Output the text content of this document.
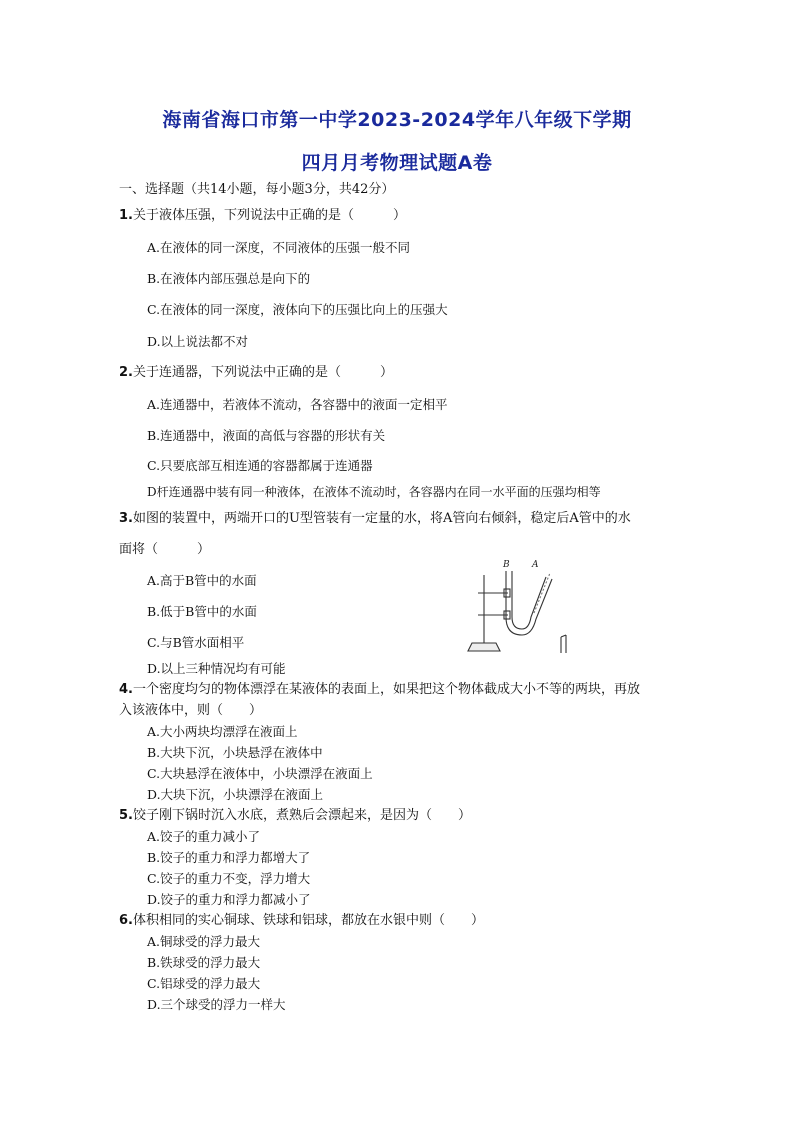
海南省海口市第一中学2023-2024学年八年级下学期
四月月考物理试题A卷
一、选择题（共14小题，每小题3分，共42分）
1.关于液体压强，下列说法中正确的是（　　　）
A.在液体的同一深度，不同液体的压强一般不同
B.在液体内部压强总是向下的
C.在液体的同一深度，液体向下的压强比向上的压强大
D.以上说法都不对
2.关于连通器，下列说法中正确的是（　　　）
A.连通器中，若液体不流动，各容器中的液面一定相平
B.连通器中，液面的高低与容器的形状有关
C.只要底部互相连通的容器都属于连通器
D杆连通器中装有同一种液体，在液体不流动时，各容器内在同一水平面的压强均相等
3.如图的装置中，两端开口的U型管装有一定量的水，将A管向右倾斜，稳定后A管中的水
面将（　　　）
A.高于B管中的水面
B.低于B管中的水面
C.与B管水面相平
D.以上三种情况均有可能
B A
4.一个密度均匀的物体漂浮在某液体的表面上，如果把这个物体截成大小不等的两块，再放
入该液体中，则（　　）
A.大小两块均漂浮在液面上
B.大块下沉，小块悬浮在液体中
C.大块悬浮在液体中，小块漂浮在液面上
D.大块下沉，小块漂浮在液面上
5.饺子刚下锅时沉入水底，煮熟后会漂起来，是因为（　　）
A.饺子的重力减小了
B.饺子的重力和浮力都增大了
C.饺子的重力不变，浮力增大
D.饺子的重力和浮力都减小了
6.体积相同的实心铜球、铁球和铝球，都放在水银中则（　　）
A.铜球受的浮力最大
B.铁球受的浮力最大
C.铝球受的浮力最大
D.三个球受的浮力一样大
